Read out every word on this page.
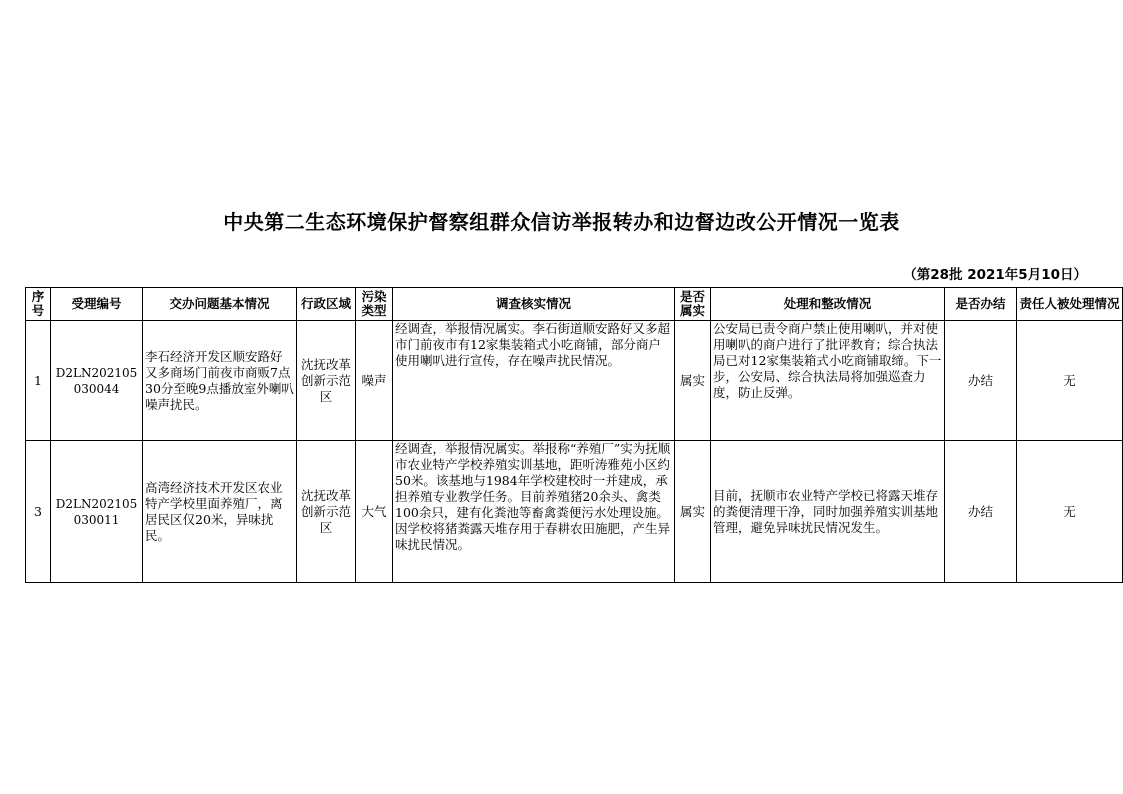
中央第二生态环境保护督察组群众信访举报转办和边督边改公开情况一览表
（第28批 2021年5月10日）
序号	受理编号	交办问题基本情况	行政区域	污染类型	调查核实情况	是否属实	处理和整改情况	是否办结	责任人被处理情况
1	D2LN202105030044	李石经济开发区顺安路好又多商场门前夜市商贩7点30分至晚9点播放室外喇叭噪声扰民。	沈抚改革创新示范区	噪声	经调查，举报情况属实。李石街道顺安路好又多超市门前夜市有12家集装箱式小吃商铺，部分商户使用喇叭进行宣传，存在噪声扰民情况。	属实	公安局已责令商户禁止使用喇叭，并对使用喇叭的商户进行了批评教育；综合执法局已对12家集装箱式小吃商铺取缔。下一步，公安局、综合执法局将加强巡查力度，防止反弹。	办结	无
3	D2LN202105030011	高湾经济技术开发区农业特产学校里面养殖厂，离居民区仅20米，异味扰民。	沈抚改革创新示范区	大气	经调查，举报情况属实。举报称“养殖厂”实为抚顺市农业特产学校养殖实训基地，距听涛雅苑小区约50米。该基地与1984年学校建校时一并建成，承担养殖专业教学任务。目前养殖猪20余头、禽类100余只，建有化粪池等畜禽粪便污水处理设施。因学校将猪粪露天堆存用于春耕农田施肥，产生异味扰民情况。	属实	目前，抚顺市农业特产学校已将露天堆存的粪便清理干净，同时加强养殖实训基地管理，避免异味扰民情况发生。	办结	无
